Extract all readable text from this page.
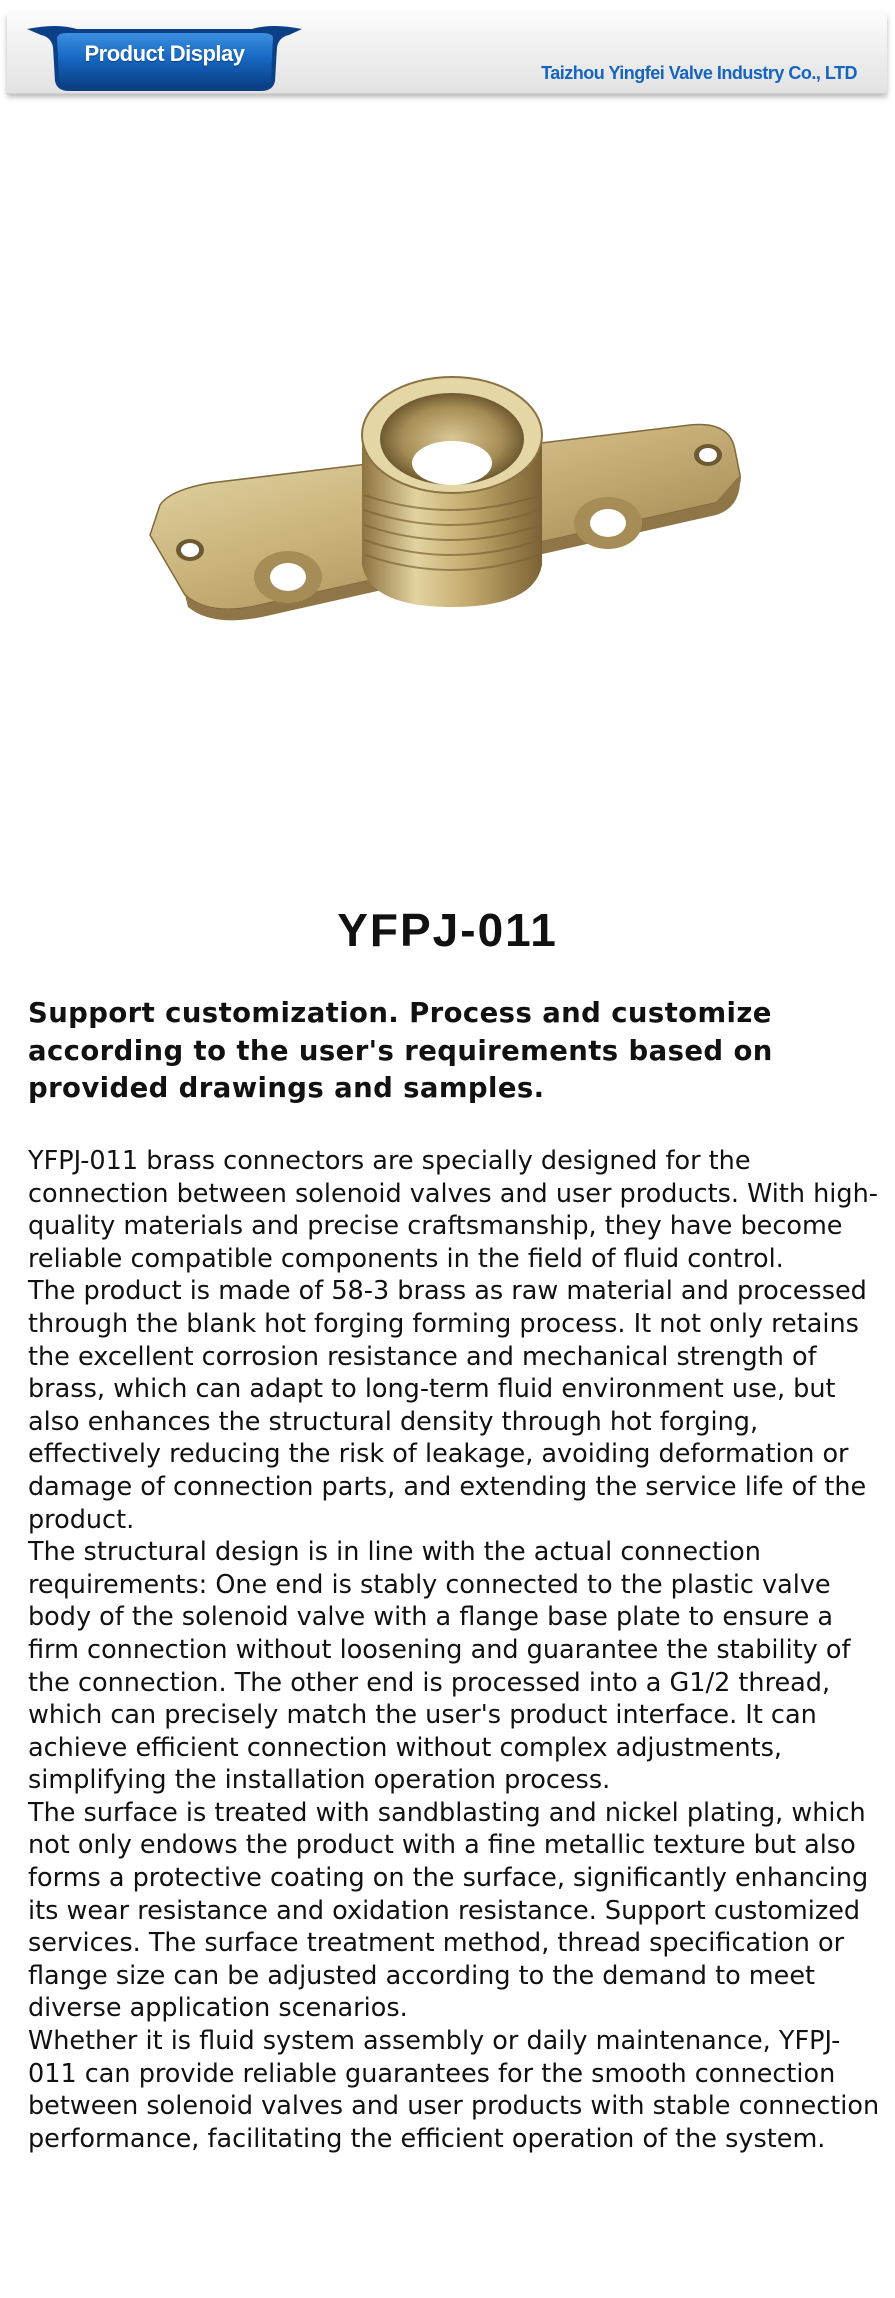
Product Display
Taizhou Yingfei Valve Industry Co., LTD
YFPJ-011

Support customization. Process and customize according to the user's requirements based on provided drawings and samples.

YFPJ-011 brass connectors are specially designed for the connection between solenoid valves and user products. With high-quality materials and precise craftsmanship, they have become reliable compatible components in the field of fluid control.

The product is made of 58-3 brass as raw material and processed through the blank hot forging forming process. It not only retains the excellent corrosion resistance and mechanical strength of brass, which can adapt to long-term fluid environment use, but also enhances the structural density through hot forging, effectively reducing the risk of leakage, avoiding deformation or damage of connection parts, and extending the service life of the product.

The structural design is in line with the actual connection requirements: One end is stably connected to the plastic valve body of the solenoid valve with a flange base plate to ensure a firm connection without loosening and guarantee the stability of the connection. The other end is processed into a G1/2 thread, which can precisely match the user's product interface. It can achieve efficient connection without complex adjustments, simplifying the installation operation process.

The surface is treated with sandblasting and nickel plating, which not only endows the product with a fine metallic texture but also forms a protective coating on the surface, significantly enhancing its wear resistance and oxidation resistance. Support customized services. The surface treatment method, thread specification or flange size can be adjusted according to the demand to meet diverse application scenarios.

Whether it is fluid system assembly or daily maintenance, YFPJ-011 can provide reliable guarantees for the smooth connection between solenoid valves and user products with stable connection performance, facilitating the efficient operation of the system.
